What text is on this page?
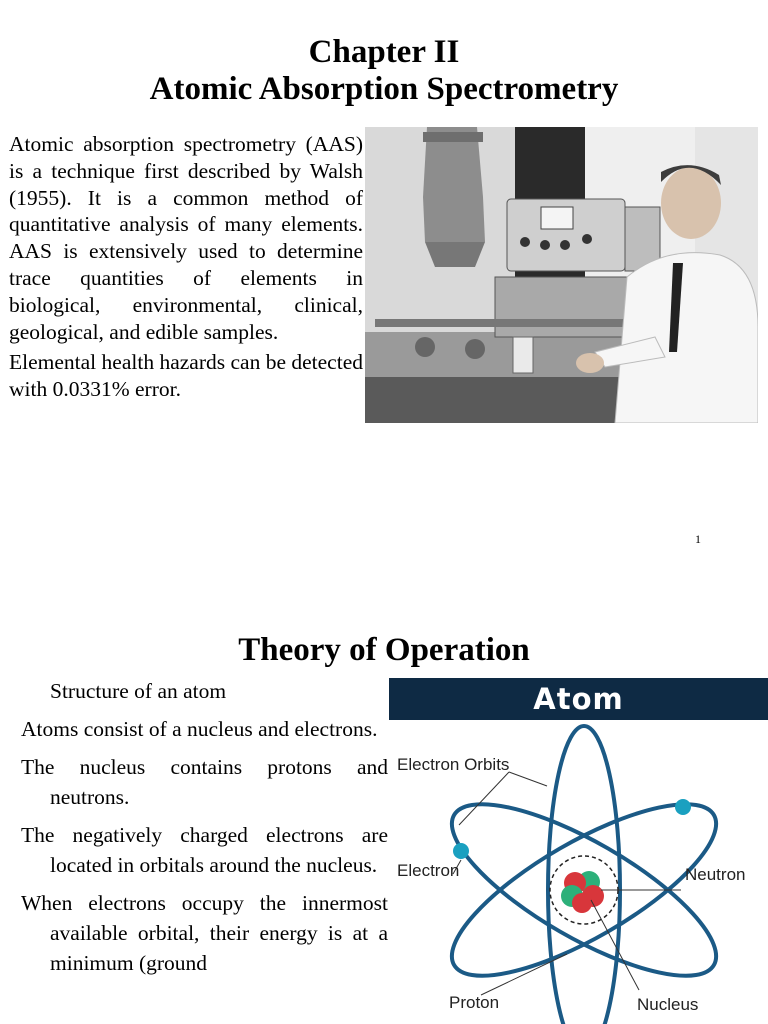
Chapter II
Atomic Absorption Spectrometry

Atomic absorption spectrometry (AAS) is a technique first described by Walsh (1955). It is a common method of quantitative analysis of many elements. AAS is extensively used to determine trace quantities of elements in biological, environmental, clinical, geological, and edible samples.

Elemental health hazards can be detected with 0.0331% error.

1
Theory of Operation

Structure of an atom

Atoms consist of a nucleus and electrons.

The nucleus contains protons and neutrons.

The negatively charged electrons are located in orbitals around the nucleus.

When electrons occupy the innermost available orbital, their energy is at a minimum (ground

Atom
Electron Orbits
Electron	Neutron
Proton	Nucleus
